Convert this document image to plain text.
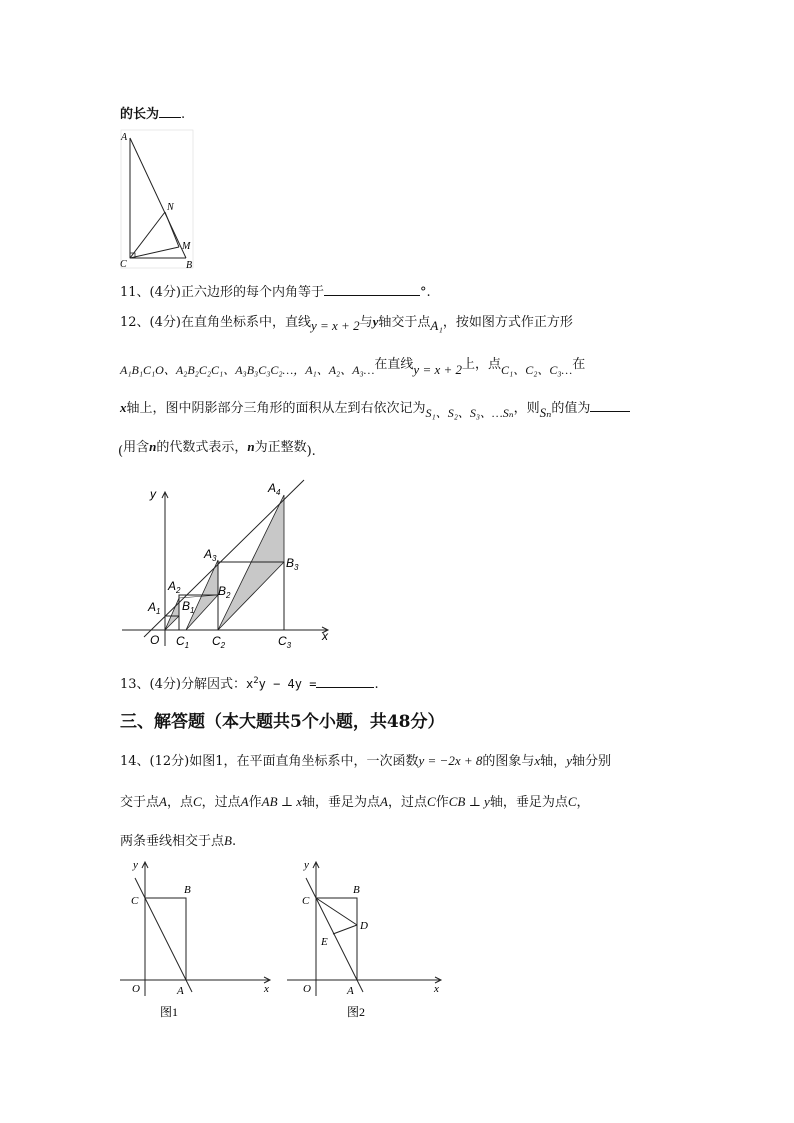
的长为 .
A
N
M
C	B
11、(4分)正六边形的每个内角等于	°.
12、(4分)在直角坐标系中，直线y = x + 2与y轴交于点A₁，按如图方式作正方形
A₁B₁C₁O、A₂B₂C₂C₁、A₃B₃C₃C₂…，A₁、A₂、A₃…在直线y = x + 2上，点C₁、C₂、C₃…在
x轴上，图中阴影部分三角形的面积从左到右依次记为S₁、S₂、S₃、…Sₙ，则Sₙ的值为
(用含n的代数式表示，n为正整数).
y
x
O
$A_1$
$A_2$
$A_3$
$A_4$
$B_1$
$B_2$
$B_3$
$C_1$ $C_2$	$C_3$
13、(4分)分解因式：$x^2y - 4y$ =	.
三、解答题（本大题共5个小题，共48分）
14、(12分)如图1，在平面直角坐标系中，一次函数y = −2x + 8的图象与x轴，y轴分别
交于点A，点C，过点A作AB ⊥ x轴，垂足为点A，过点C作CB ⊥ y轴，垂足为点C，
两条垂线相交于点B.
y
x
O	A
B
C
图1
y
x
O	A
B
C
D
E
图2
